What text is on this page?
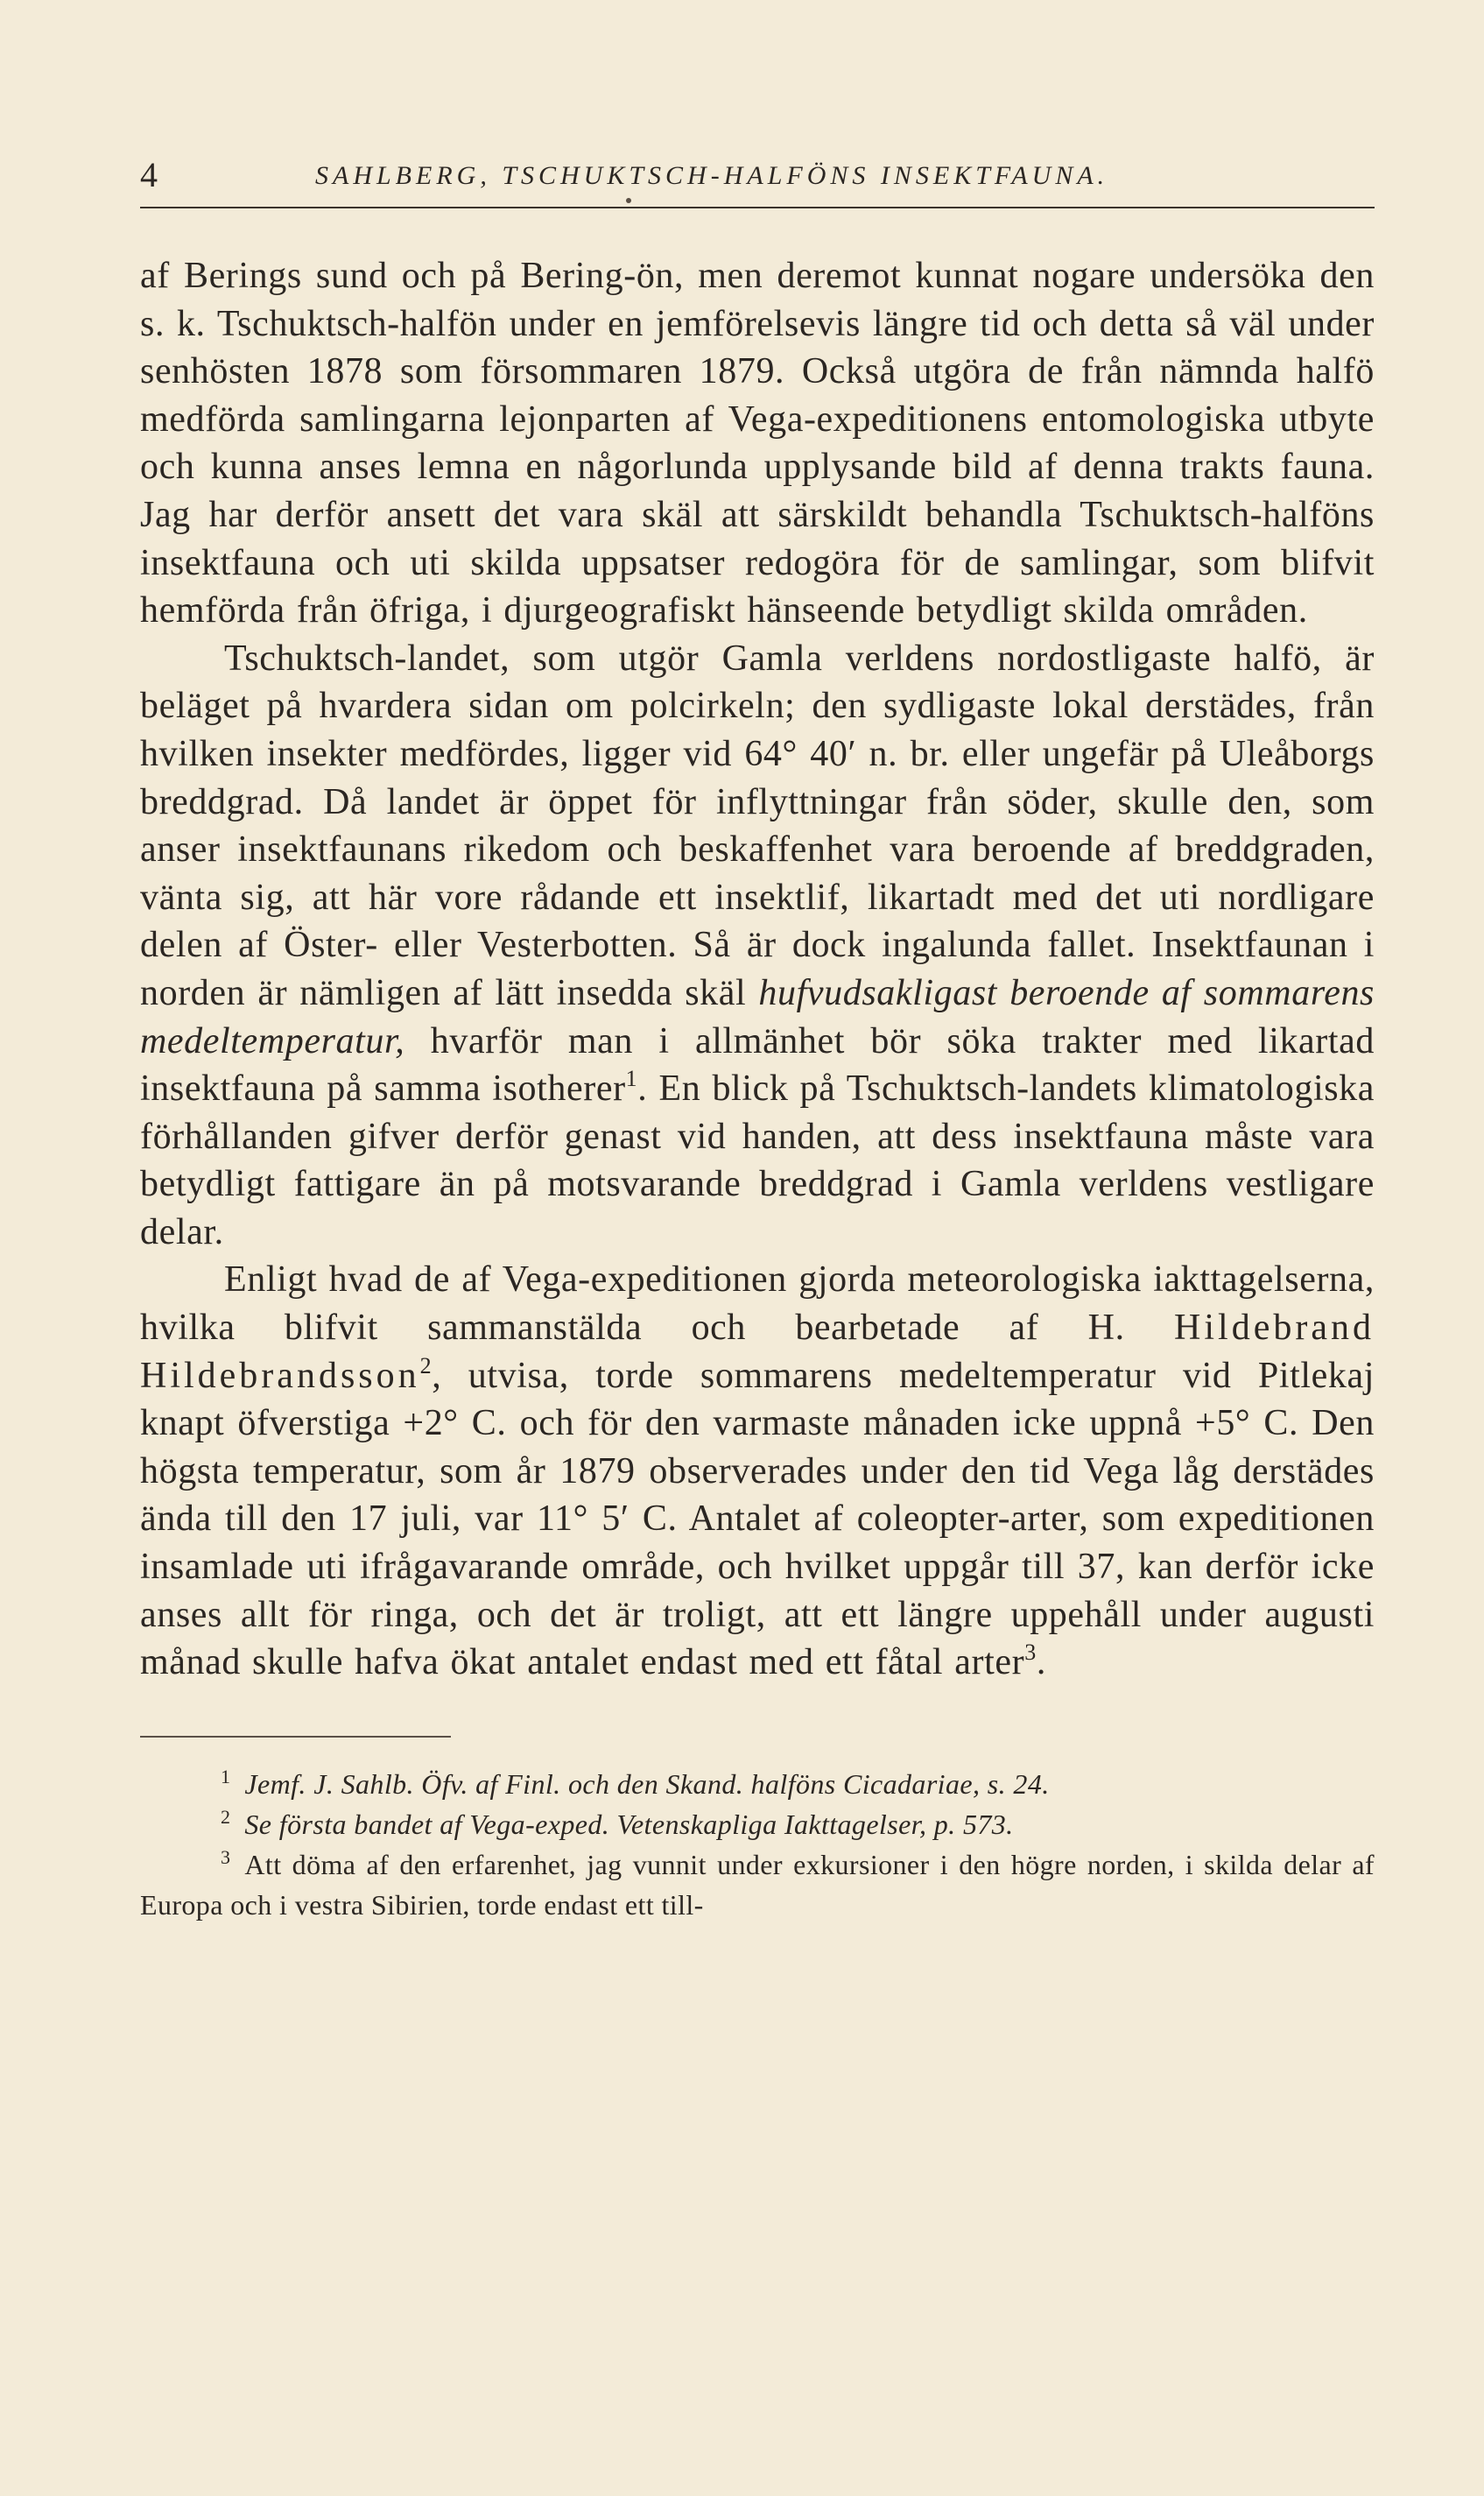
4	SAHLBERG, TSCHUKTSCH-HALFÖNS INSEKTFAUNA.

af Berings sund och på Bering-ön, men deremot kunnat nogare undersöka den s. k. Tschuktsch-halfön under en jemförelsevis längre tid och detta så väl under senhösten 1878 som försommaren 1879. Också utgöra de från nämnda halfö medförda samlingarna lejonparten af Vega-expeditionens entomologiska utbyte och kunna anses lemna en någorlunda upplysande bild af denna trakts fauna. Jag har derför ansett det vara skäl att särskildt behandla Tschuktsch-halföns insektfauna och uti skilda uppsatser redogöra för de samlingar, som blifvit hemförda från öfriga, i djurgeografiskt hänseende betydligt skilda områden.

Tschuktsch-landet, som utgör Gamla verldens nordostligaste halfö, är beläget på hvardera sidan om polcirkeln; den sydligaste lokal derstädes, från hvilken insekter medfördes, ligger vid 64° 40′ n. br. eller ungefär på Uleåborgs breddgrad. Då landet är öppet för inflyttningar från söder, skulle den, som anser insektfaunans rikedom och beskaffenhet vara beroende af breddgraden, vänta sig, att här vore rådande ett insektlif, likartadt med det uti nordligare delen af Öster- eller Vesterbotten. Så är dock ingalunda fallet. Insektfaunan i norden är nämligen af lätt insedda skäl hufvudsakligast beroende af sommarens medeltemperatur, hvarför man i allmänhet bör söka trakter med likartad insektfauna på samma isotherer$^1$. En blick på Tschuktsch-landets klimatologiska förhållanden gifver derför genast vid handen, att dess insektfauna måste vara betydligt fattigare än på motsvarande breddgrad i Gamla verldens vestligare delar.

Enligt hvad de af Vega-expeditionen gjorda meteorologiska iakttagelserna, hvilka blifvit sammanstälda och bearbetade af H. Hildebrand Hildebrandsson$^2$, utvisa, torde sommarens medeltemperatur vid Pitlekaj knapt öfverstiga +2° C. och för den varmaste månaden icke uppnå +5° C. Den högsta temperatur, som år 1879 observerades under den tid Vega låg derstädes ända till den 17 juli, var 11° 5′ C. Antalet af coleopter-arter, som expeditionen insamlade uti ifrågavarande område, och hvilket uppgår till 37, kan derför icke anses allt för ringa, och det är troligt, att ett längre uppehåll under augusti månad skulle hafva ökat antalet endast med ett fåtal arter$^3$.

$^1$ Jemf. J. Sahlb. Öfv. af Finl. och den Skand. halföns Cicadariae, s. 24.
$^2$ Se första bandet af Vega-exped. Vetenskapliga Iakttagelser, p. 573.
$^3$ Att döma af den erfarenhet, jag vunnit under exkursioner i den högre norden, i skilda delar af Europa och i vestra Sibirien, torde endast ett till-
